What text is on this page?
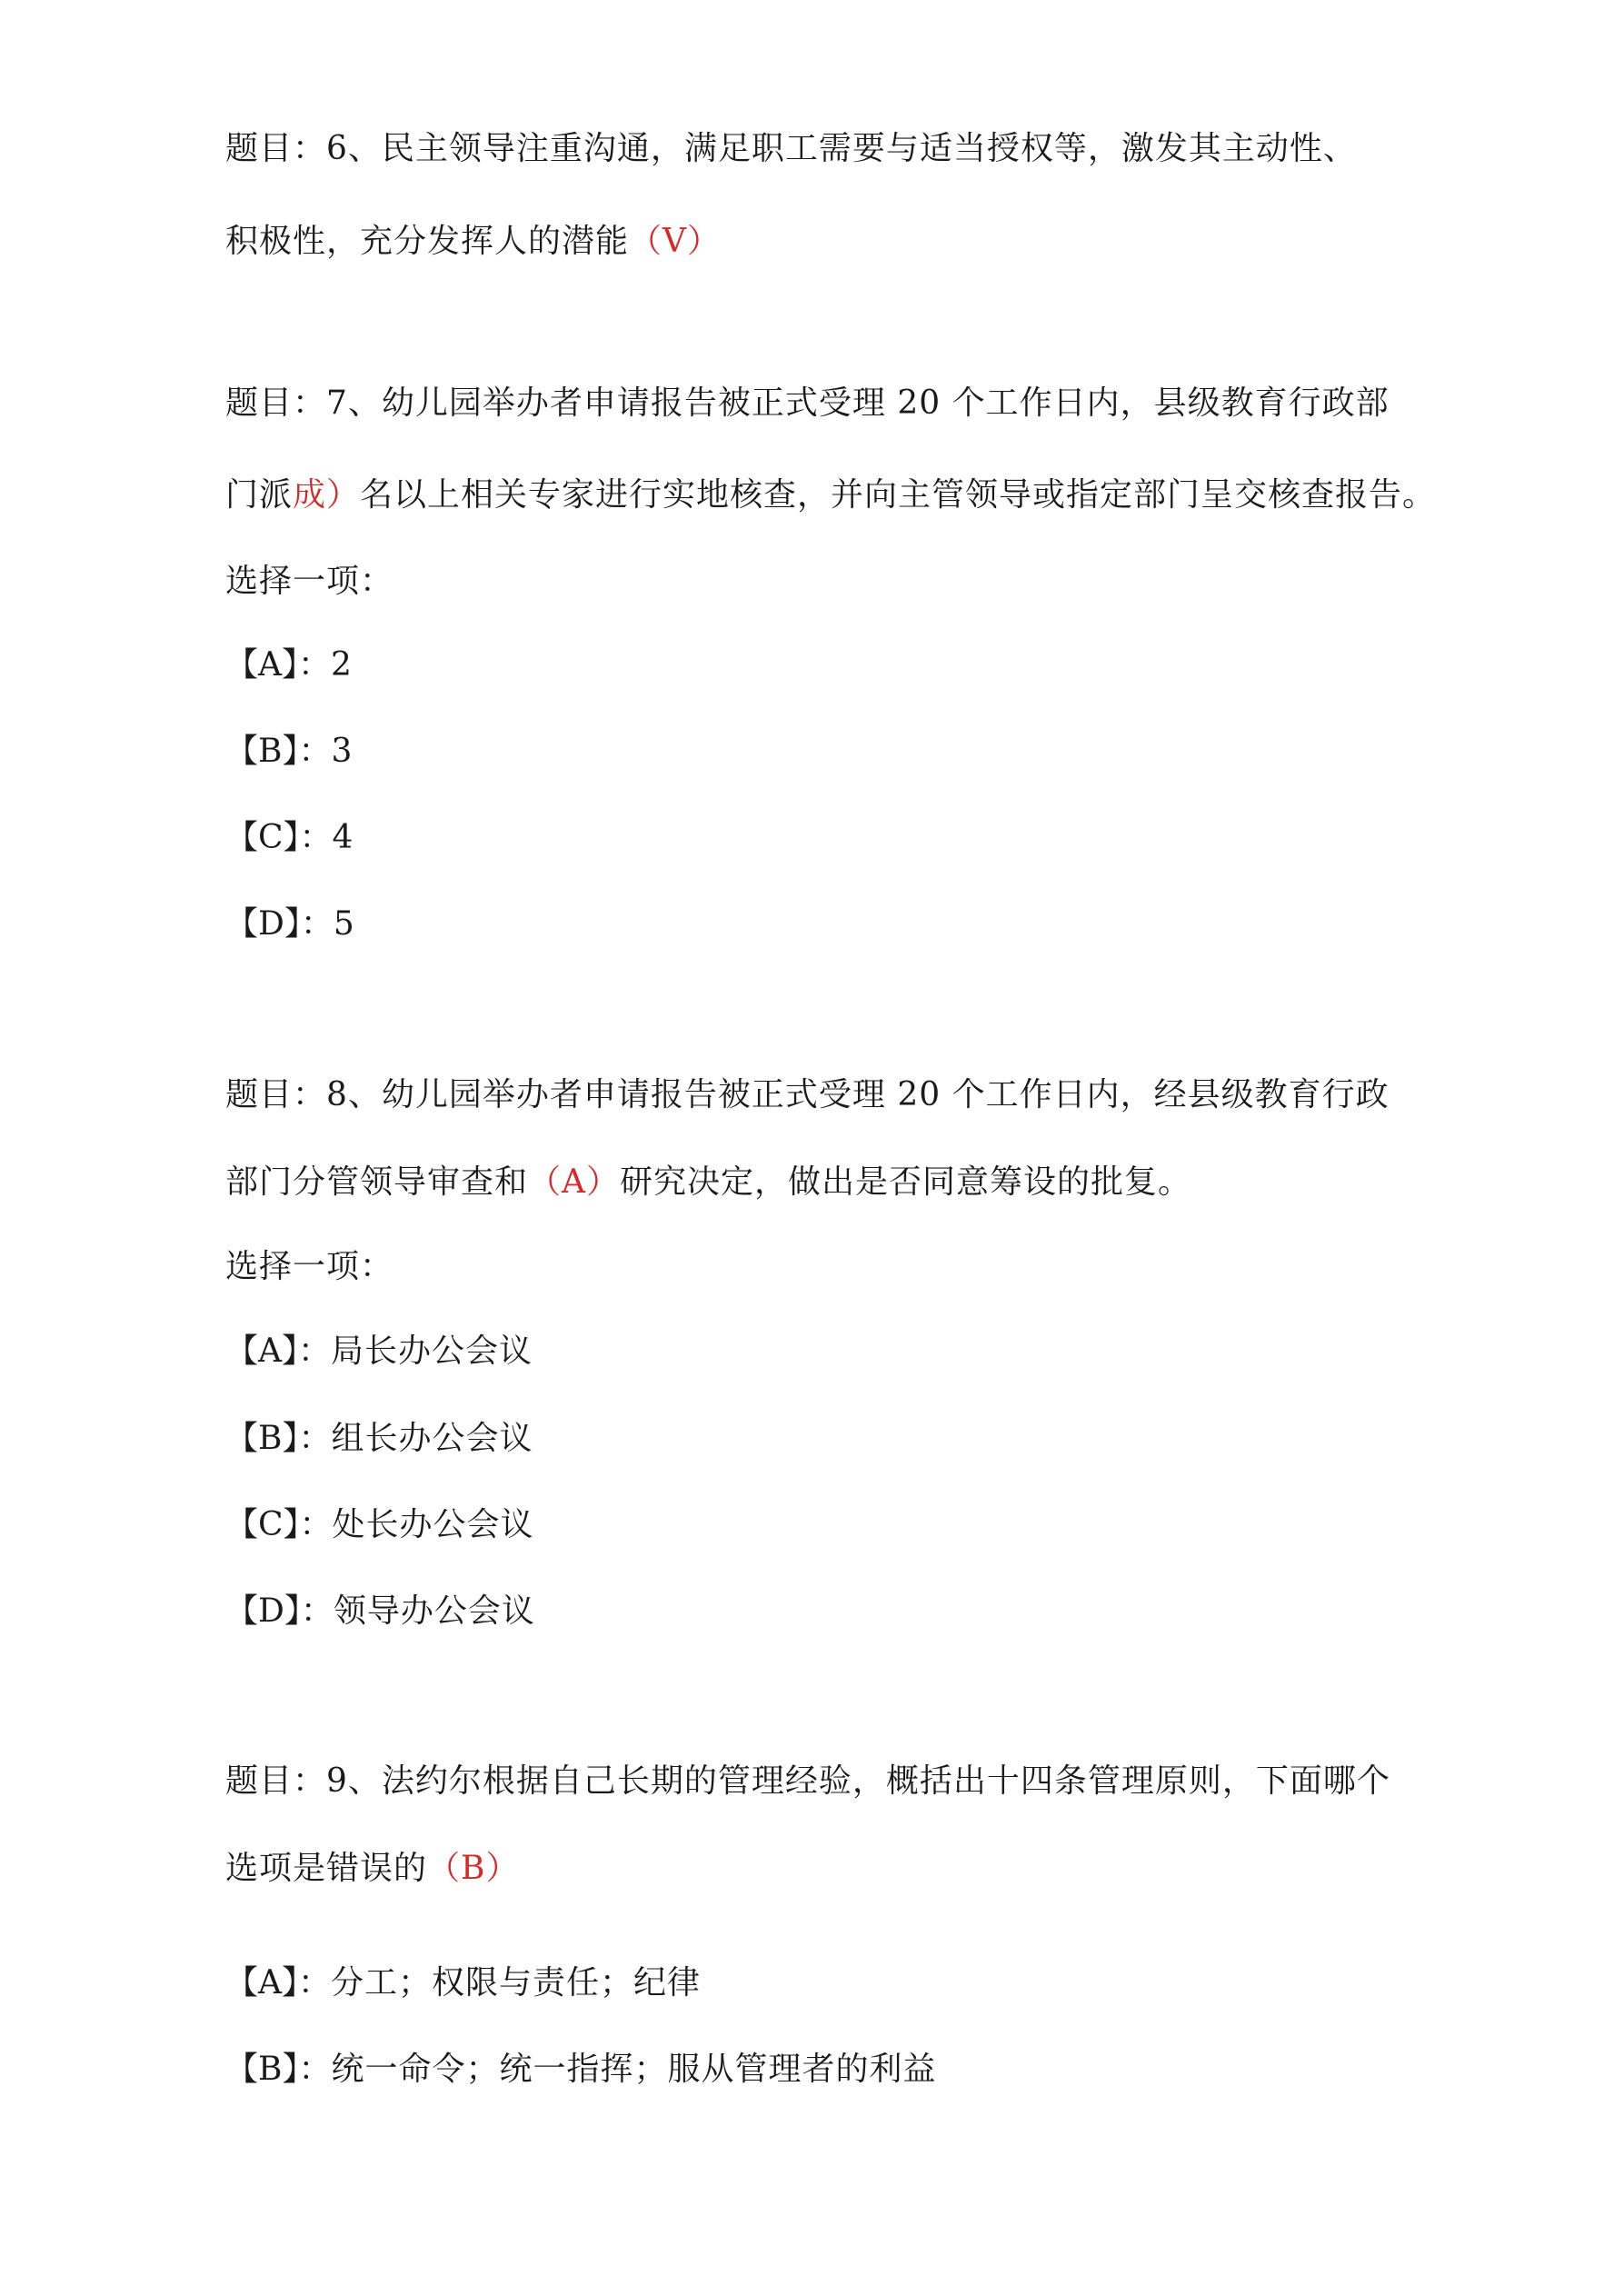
题目：6、民主领导注重沟通，满足职工需要与适当授权等，激发其主动性、
积极性，充分发挥人的潜能（V）
题目：7、幼儿园举办者申请报告被正式受理 20 个工作日内，县级教育行政部
门派成）名以上相关专家进行实地核查，并向主管领导或指定部门呈交核查报告。
选择一项：
【A】：2
【B】：3
【C】：4
【D】：5
题目：8、幼儿园举办者申请报告被正式受理 20 个工作日内，经县级教育行政
部门分管领导审查和（A）研究决定，做出是否同意筹设的批复。
选择一项：
【A】：局长办公会议
【B】：组长办公会议
【C】：处长办公会议
【D】：领导办公会议
题目：9、法约尔根据自己长期的管理经验，概括出十四条管理原则，下面哪个
选项是错误的（B）
【A】：分工；权限与责任；纪律
【B】：统一命令；统一指挥；服从管理者的利益
